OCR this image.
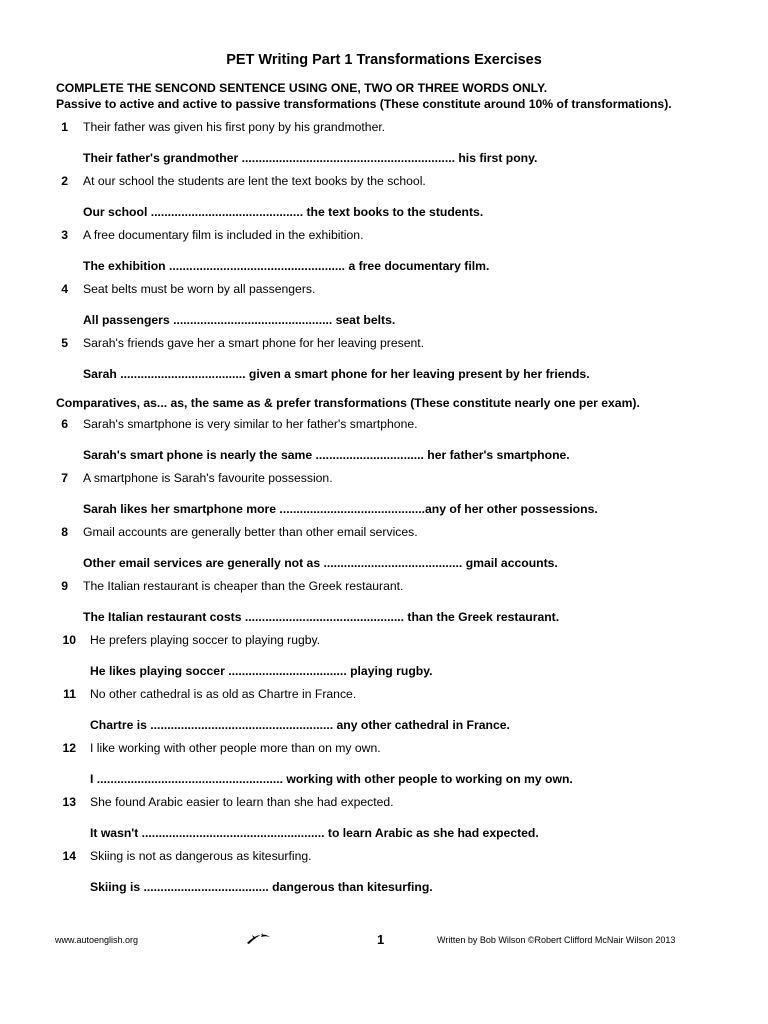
PET Writing Part 1 Transformations Exercises
COMPLETE THE SENCOND SENTENCE USING ONE, TWO OR THREE WORDS ONLY.
Passive to active and active to passive transformations (These constitute around 10% of transformations).
1 Their father was given his first pony by his grandmother.
Their father's grandmother ............................................................... his first pony.
2 At our school the students are lent the text books by the school.
Our school ............................................. the text books to the students.
3 A free documentary film is included in the exhibition.
The exhibition .................................................... a free documentary film.
4 Seat belts must be worn by all passengers.
All passengers ............................................... seat belts.
5 Sarah's friends gave her a smart phone for her leaving present.
Sarah ..................................... given a smart phone for her leaving present by her friends.
Comparatives, as... as, the same as & prefer transformations (These constitute nearly one per exam).
6 Sarah's smartphone is very similar to her father's smartphone.
Sarah's smart phone is nearly the same ................................ her father's smartphone.
7 A smartphone is Sarah's favourite possession.
Sarah likes her smartphone more ...........................................any of her other possessions.
8 Gmail accounts are generally better than other email services.
Other email services are generally not as ......................................... gmail accounts.
9 The Italian restaurant is cheaper than the Greek restaurant.
The Italian restaurant costs ............................................... than the Greek restaurant.
10 He prefers playing soccer to playing rugby.
He likes playing soccer ................................... playing rugby.
11 No other cathedral is as old as Chartre in France.
Chartre is ...................................................... any other cathedral in France.
12 I like working with other people more than on my own.
I ....................................................... working with other people to working on my own.
13 She found Arabic easier to learn than she had expected.
It wasn't ...................................................... to learn Arabic as she had expected.
14 Skiing is not as dangerous as kitesurfing.
Skiing is ..................................... dangerous than kitesurfing.
www.autoenglish.org	1	Written by Bob Wilson ©Robert Clifford McNair Wilson 2013
